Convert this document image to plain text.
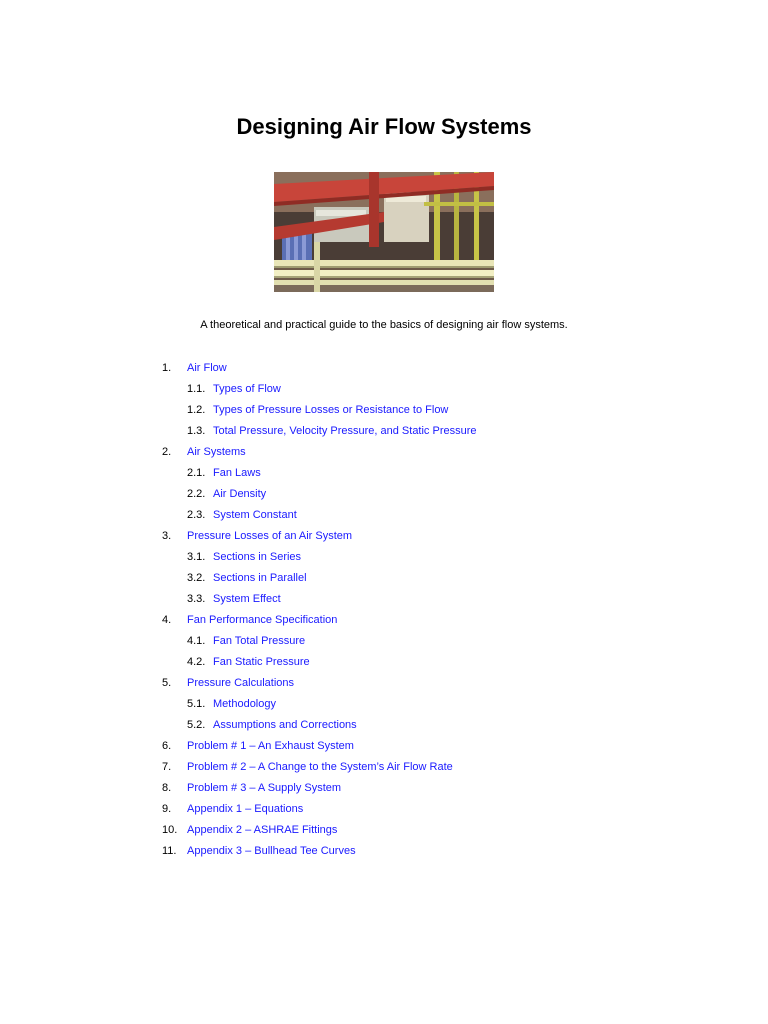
Designing Air Flow Systems
A theoretical and practical guide to the basics of designing air flow systems.
1. Air Flow
1.1. Types of Flow
1.2. Types of Pressure Losses or Resistance to Flow
1.3. Total Pressure, Velocity Pressure, and Static Pressure
2. Air Systems
2.1. Fan Laws
2.2. Air Density
2.3. System Constant
3. Pressure Losses of an Air System
3.1. Sections in Series
3.2. Sections in Parallel
3.3. System Effect
4. Fan Performance Specification
4.1. Fan Total Pressure
4.2. Fan Static Pressure
5. Pressure Calculations
5.1. Methodology
5.2. Assumptions and Corrections
6. Problem # 1 – An Exhaust System
7. Problem # 2 – A Change to the System’s Air Flow Rate
8. Problem # 3 – A Supply System
9. Appendix 1 – Equations
10. Appendix 2 – ASHRAE Fittings
11. Appendix 3 – Bullhead Tee Curves
